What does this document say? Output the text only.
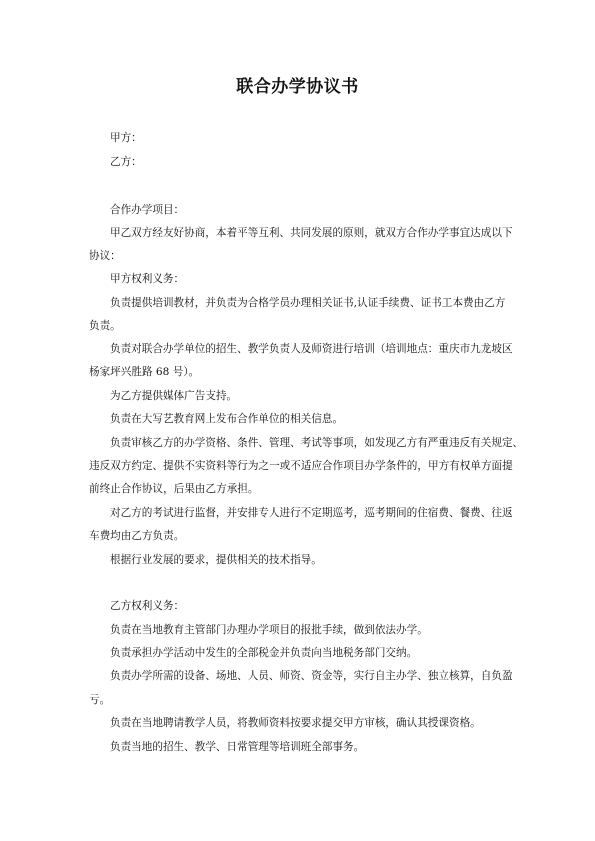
联合办学协议书
甲方：
乙方：
合作办学项目：
甲乙双方经友好协商，本着平等互利、共同发展的原则，就双方合作办学事宜达成以下
协议：
甲方权利义务：
负责提供培训教材，并负责为合格学员办理相关证书,认证手续费、证书工本费由乙方
负责。
负责对联合办学单位的招生、教学负责人及师资进行培训（培训地点：重庆市九龙坡区
杨家坪兴胜路 68 号）。
为乙方提供媒体广告支持。
负责在大写艺教育网上发布合作单位的相关信息。
负责审核乙方的办学资格、条件、管理、考试等事项，如发现乙方有严重违反有关规定、
违反双方约定、提供不实资料等行为之一或不适应合作项目办学条件的，甲方有权单方面提
前终止合作协议，后果由乙方承担。
对乙方的考试进行监督，并安排专人进行不定期巡考，巡考期间的住宿费、餐费、往返
车费均由乙方负责。
根据行业发展的要求，提供相关的技术指导。
乙方权利义务：
负责在当地教育主管部门办理办学项目的报批手续，做到依法办学。
负责承担办学活动中发生的全部税金并负责向当地税务部门交纳。
负责办学所需的设备、场地、人员、师资、资金等，实行自主办学、独立核算，自负盈
亏。
负责在当地聘请教学人员，将教师资料按要求提交甲方审核，确认其授课资格。
负责当地的招生、教学、日常管理等培训班全部事务。
